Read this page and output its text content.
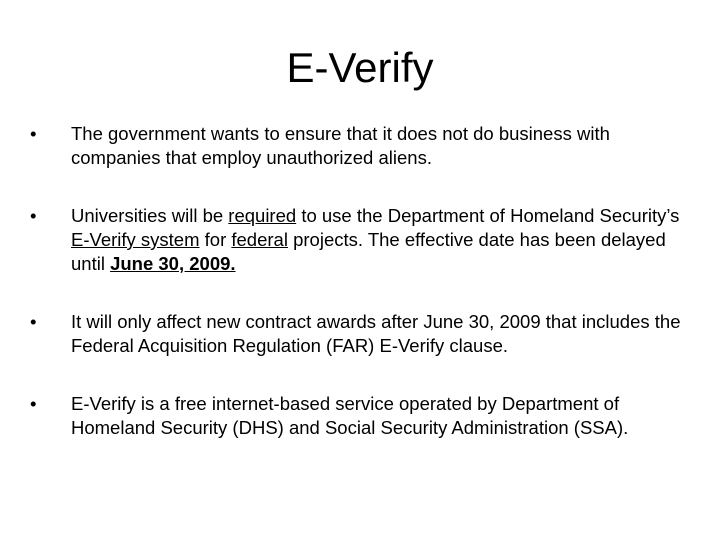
E-Verify
•	The government wants to ensure that it does not do business with companies that employ unauthorized aliens.
•	Universities will be required to use the Department of Homeland Security’s E-Verify system for federal projects. The effective date has been delayed until June 30, 2009.
•	It will only affect new contract awards after June 30, 2009 that includes the Federal Acquisition Regulation (FAR) E-Verify clause.
•	E-Verify is a free internet-based service operated by Department of Homeland Security (DHS) and Social Security Administration (SSA).
